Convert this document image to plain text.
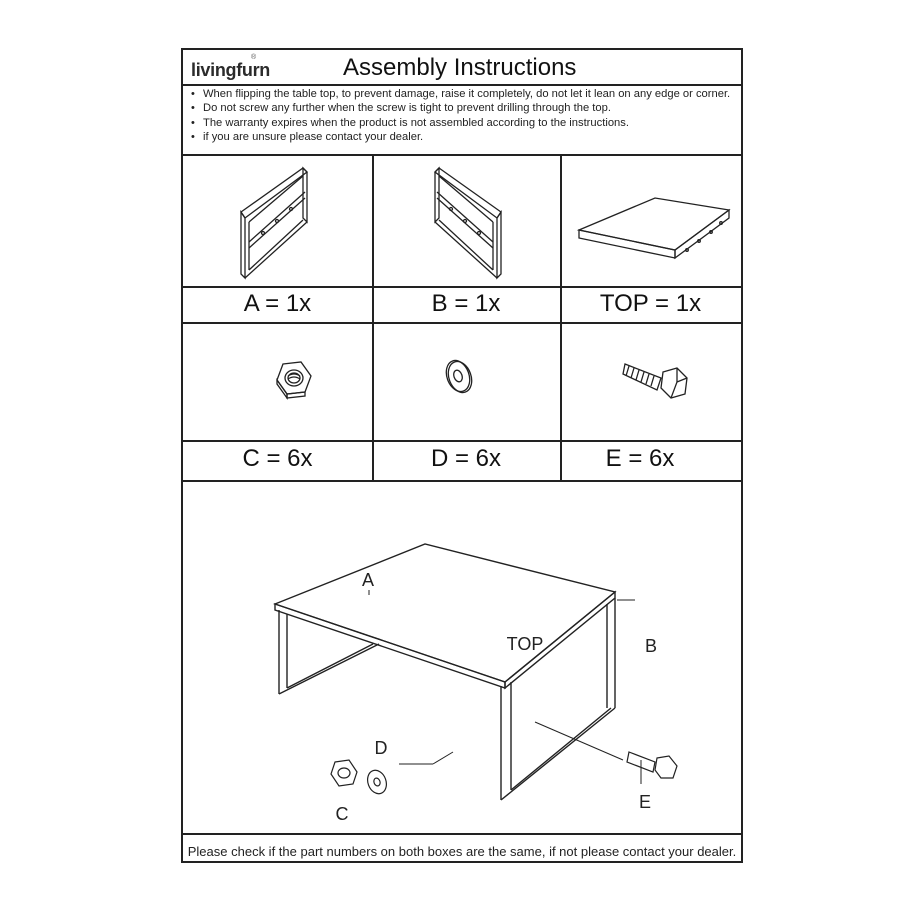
livingfurn
®	Assembly Instructions
• When flipping the table top, to prevent damage, raise it completely, do not let it lean on any edge or corner.
• Do not screw any further when the screw is tight to prevent drilling through the top.
• The warranty expires when the product is not assembled according to the instructions.
• if you are unsure please contact your dealer.
A = 1x	B = 1x	TOP = 1x
C = 6x	D = 6x	E = 6x
A
TOP	B
D
C
E
Please check if the part numbers on both boxes are the same, if not please contact your dealer.
